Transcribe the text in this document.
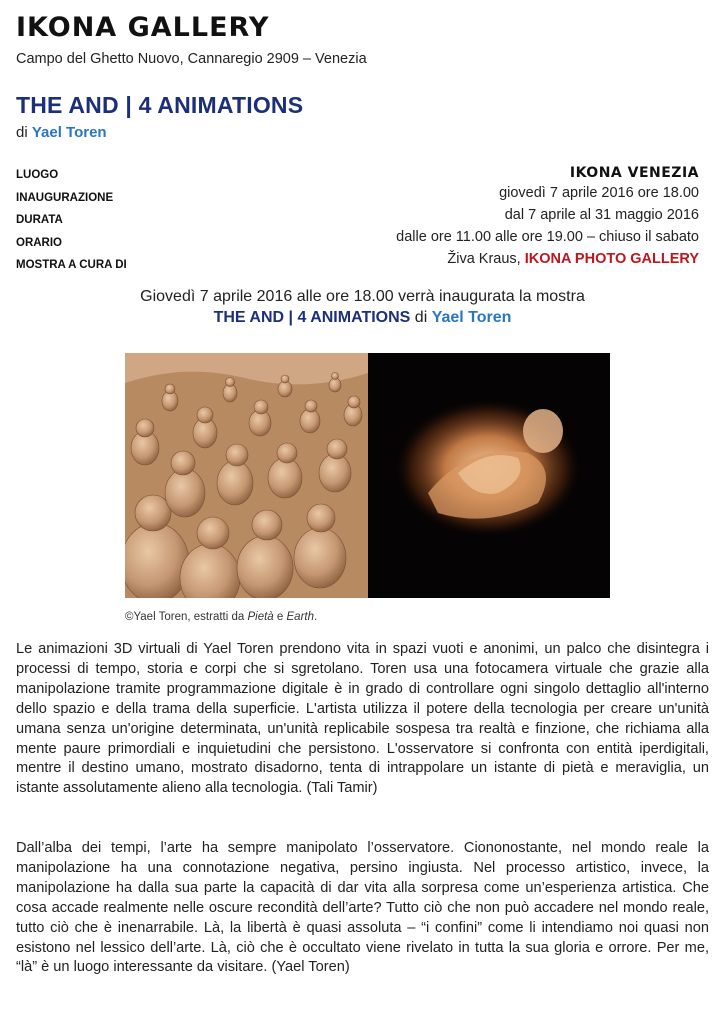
IKONA GALLERY
Campo del Ghetto Nuovo, Cannaregio 2909 – Venezia
THE AND | 4 ANIMATIONS
di Yael Toren
LUOGO
INAUGURAZIONE
DURATA
ORARIO
MOSTRA A CURA DI
IKONA VENEZIA
giovedì 7 aprile 2016 ore 18.00
dal 7 aprile al 31 maggio 2016
dalle ore 11.00 alle ore 19.00 – chiuso il sabato
Živa Kraus, IKONA PHOTO GALLERY
Giovedì 7 aprile 2016 alle ore 18.00 verrà inaugurata la mostra
THE AND | 4 ANIMATIONS di Yael Toren
©Yael Toren, estratti da Pietà e Earth.

Le animazioni 3D virtuali di Yael Toren prendono vita in spazi vuoti e anonimi, un palco che disintegra i processi di tempo, storia e corpi che si sgretolano. Toren usa una fotocamera virtuale che grazie alla manipolazione tramite programmazione digitale è in grado di controllare ogni singolo dettaglio all'interno dello spazio e della trama della superficie. L'artista utilizza il potere della tecnologia per creare un'unità umana senza un'origine determinata, un'unità replicabile sospesa tra realtà e finzione, che richiama alla mente paure primordiali e inquietudini che persistono. L'osservatore si confronta con entità iperdigitali, mentre il destino umano, mostrato disadorno, tenta di intrappolare un istante di pietà e meraviglia, un istante assolutamente alieno alla tecnologia. (Tali Tamir)

Dall’alba dei tempi, l’arte ha sempre manipolato l’osservatore. Ciononostante, nel mondo reale la manipolazione ha una connotazione negativa, persino ingiusta. Nel processo artistico, invece, la manipolazione ha dalla sua parte la capacità di dar vita alla sorpresa come un’esperienza artistica. Che cosa accade realmente nelle oscure recondità dell’arte? Tutto ciò che non può accadere nel mondo reale, tutto ciò che è inenarrabile. Là, la libertà è quasi assoluta – “i confini” come li intendiamo noi quasi non esistono nel lessico dell’arte. Là, ciò che è occultato viene rivelato in tutta la sua gloria e orrore. Per me, “là” è un luogo interessante da visitare. (Yael Toren)
